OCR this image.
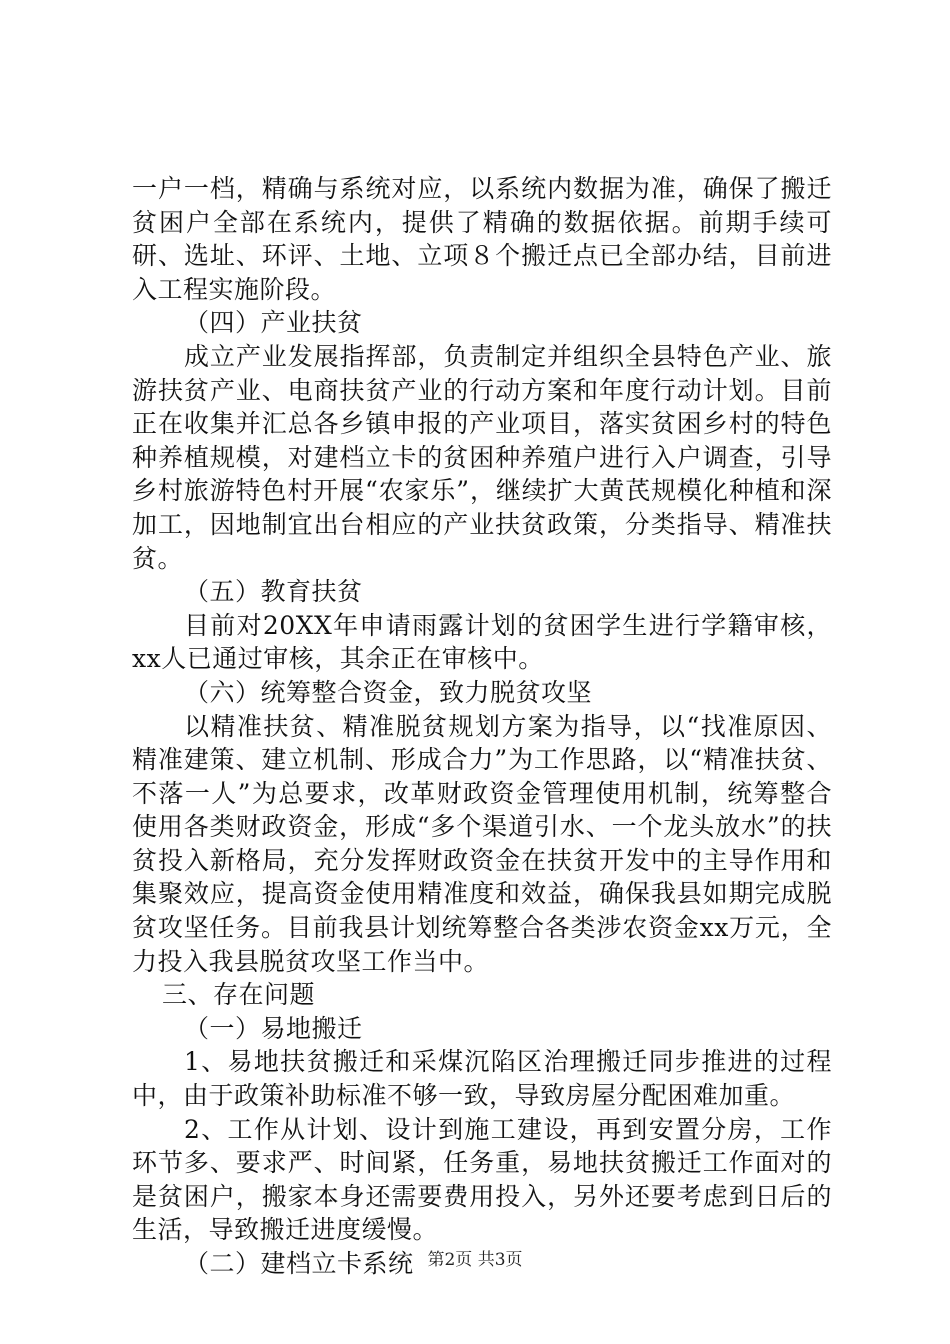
一户一档，精确与系统对应，以系统内数据为准，确保了搬迁贫困户全部在系统内，提供了精确的数据依据。前期手续可研、选址、环评、土地、立项８个搬迁点已全部办结，目前进入工程实施阶段。

（四）产业扶贫

成立产业发展指挥部，负责制定并组织全县特色产业、旅游扶贫产业、电商扶贫产业的行动方案和年度行动计划。目前正在收集并汇总各乡镇申报的产业项目，落实贫困乡村的特色种养植规模，对建档立卡的贫困种养殖户进行入户调查，引导乡村旅游特色村开展“农家乐”，继续扩大黄芪规模化种植和深加工，因地制宜出台相应的产业扶贫政策，分类指导、精准扶贫。

（五）教育扶贫

目前对20XX年申请雨露计划的贫困学生进行学籍审核，xx人已通过审核，其余正在审核中。

（六）统筹整合资金，致力脱贫攻坚

以精准扶贫、精准脱贫规划方案为指导，以“找准原因、精准建策、建立机制、形成合力”为工作思路，以“精准扶贫、不落一人”为总要求，改革财政资金管理使用机制，统筹整合使用各类财政资金，形成“多个渠道引水、一个龙头放水”的扶贫投入新格局，充分发挥财政资金在扶贫开发中的主导作用和集聚效应，提高资金使用精准度和效益，确保我县如期完成脱贫攻坚任务。目前我县计划统筹整合各类涉农资金xx万元，全力投入我县脱贫攻坚工作当中。

三、存在问题

（一）易地搬迁

1、易地扶贫搬迁和采煤沉陷区治理搬迁同步推进的过程中，由于政策补助标准不够一致，导致房屋分配困难加重。

2、工作从计划、设计到施工建设，再到安置分房，工作环节多、要求严、时间紧，任务重，易地扶贫搬迁工作面对的是贫困户，搬家本身还需要费用投入，另外还要考虑到日后的生活，导致搬迁进度缓慢。

（二）建档立卡系统 第2页 共3页
